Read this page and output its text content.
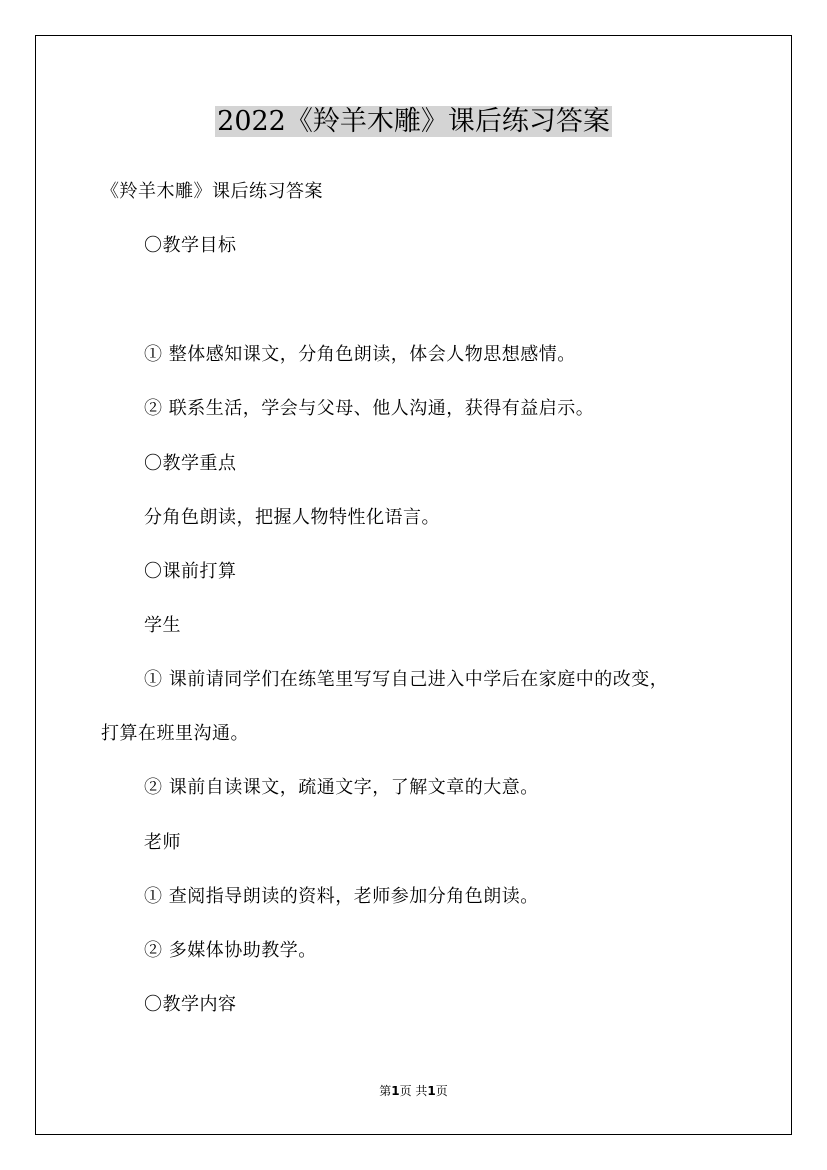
2022《羚羊木雕》课后练习答案
《羚羊木雕》课后练习答案
〇教学目标
① 整体感知课文，分角色朗读，体会人物思想感情。
② 联系生活，学会与父母、他人沟通，获得有益启示。
〇教学重点
分角色朗读，把握人物特性化语言。
〇课前打算
学生
① 课前请同学们在练笔里写写自己进入中学后在家庭中的改变，
打算在班里沟通。
② 课前自读课文，疏通文字，了解文章的大意。
老师
① 查阅指导朗读的资料，老师参加分角色朗读。
② 多媒体协助教学。
〇教学内容
第1页 共1页
